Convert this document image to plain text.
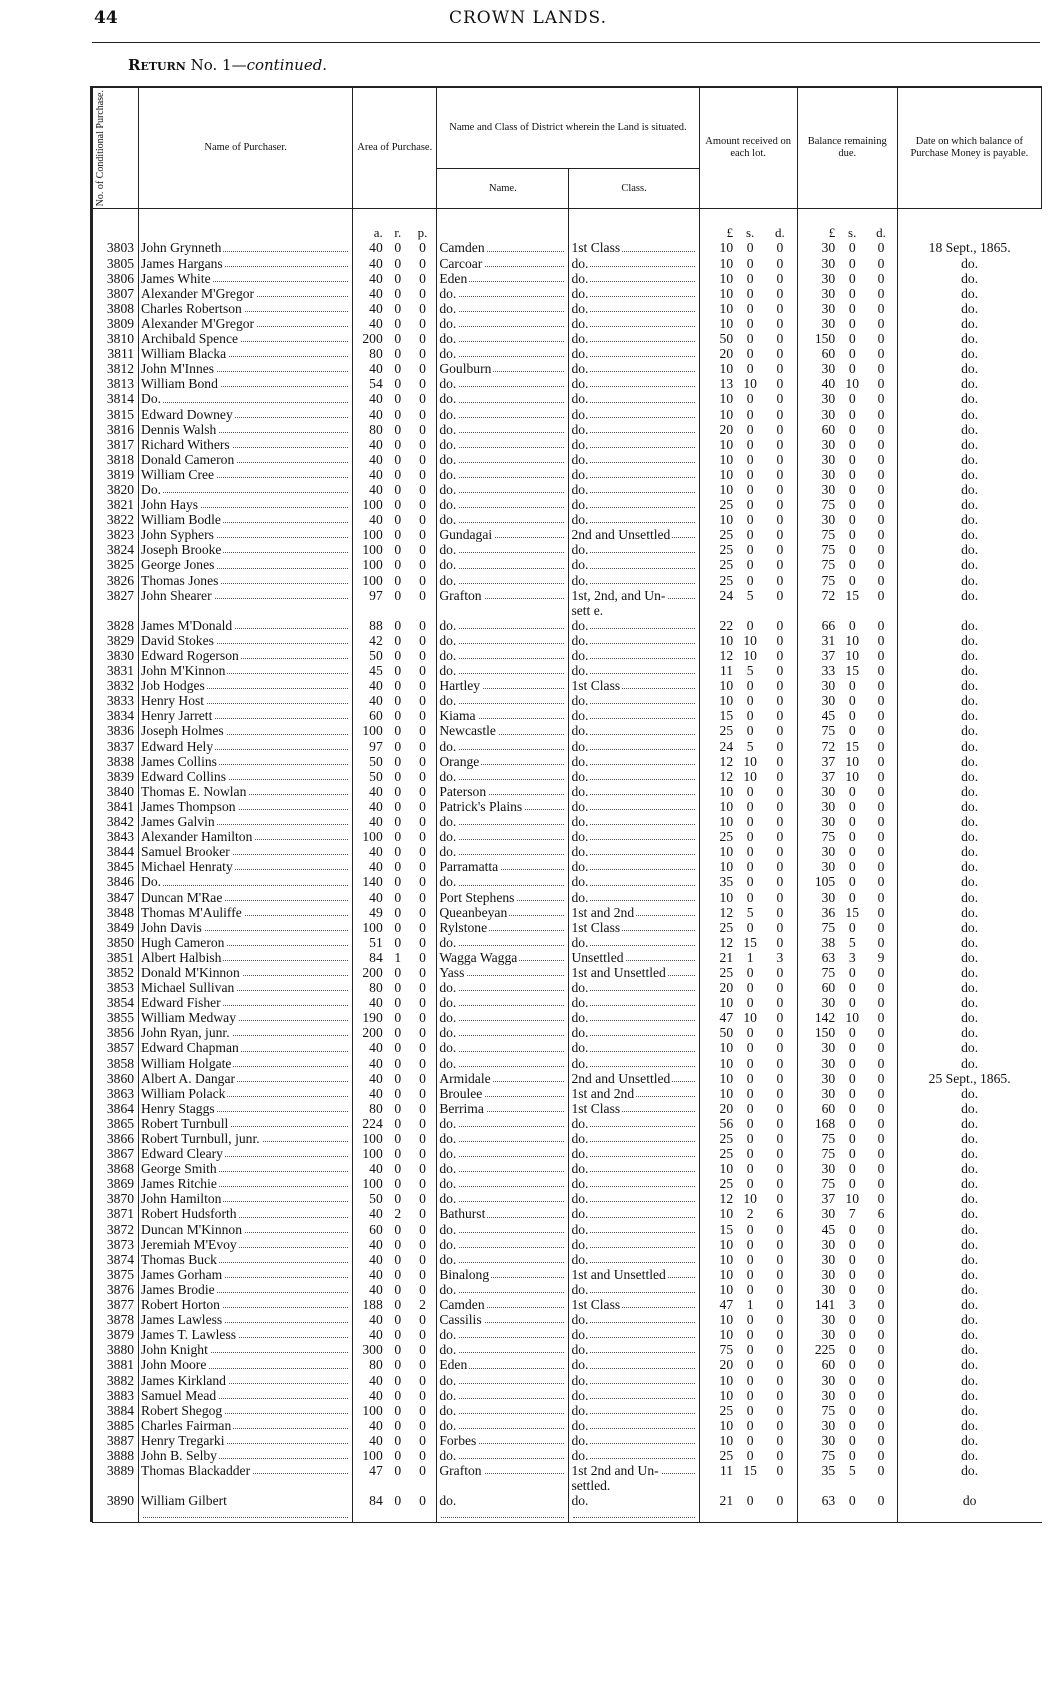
44	CROWN LANDS.
Return No. 1—continued.
No. of Conditional Purchase.	Name of Purchaser.	Area of Purchase.			Name and Class of District wherein the Land is situated.		Amount received on each lot.			Balance remaining due.			Date on which balance of Purchase Money is payable.
					Name.	Class.							
		a.	r.	p.			£	s.	d.	£	s.	d.	
3803	John Grynneth	40	0	0	Camden	1st Class	10	0	0	30	0	0	18 Sept., 1865.
3805	James Hargans	40	0	0	Carcoar	do.	10	0	0	30	0	0	do.
3806	James White	40	0	0	Eden	do.	10	0	0	30	0	0	do.
3807	Alexander M'Gregor	40	0	0	do.	do.	10	0	0	30	0	0	do.
3808	Charles Robertson	40	0	0	do.	do.	10	0	0	30	0	0	do.
3809	Alexander M'Gregor	40	0	0	do.	do.	10	0	0	30	0	0	do.
3810	Archibald Spence	200	0	0	do.	do.	50	0	0	150	0	0	do.
3811	William Blacka	80	0	0	do.	do.	20	0	0	60	0	0	do.
3812	John M'Innes	40	0	0	Goulburn	do.	10	0	0	30	0	0	do.
3813	William Bond	54	0	0	do.	do.	13	10	0	40	10	0	do.
3814	Do.	40	0	0	do.	do.	10	0	0	30	0	0	do.
3815	Edward Downey	40	0	0	do.	do.	10	0	0	30	0	0	do.
3816	Dennis Walsh	80	0	0	do.	do.	20	0	0	60	0	0	do.
3817	Richard Withers	40	0	0	do.	do.	10	0	0	30	0	0	do.
3818	Donald Cameron	40	0	0	do.	do.	10	0	0	30	0	0	do.
3819	William Cree	40	0	0	do.	do.	10	0	0	30	0	0	do.
3820	Do.	40	0	0	do.	do.	10	0	0	30	0	0	do.
3821	John Hays	100	0	0	do.	do.	25	0	0	75	0	0	do.
3822	William Bodle	40	0	0	do.	do.	10	0	0	30	0	0	do.
3823	John Syphers	100	0	0	Gundagai	2nd and Unsettled	25	0	0	75	0	0	do.
3824	Joseph Brooke	100	0	0	do.	do.	25	0	0	75	0	0	do.
3825	George Jones	100	0	0	do.	do.	25	0	0	75	0	0	do.
3826	Thomas Jones	100	0	0	do.	do.	25	0	0	75	0	0	do.
3827	John Shearer	97	0	0	Grafton	1st, 2nd, and Un-	24	5	0	72	15	0	do.
						sett e.							
3828	James M'Donald	88	0	0	do.	do.	22	0	0	66	0	0	do.
3829	David Stokes	42	0	0	do.	do.	10	10	0	31	10	0	do.
3830	Edward Rogerson	50	0	0	do.	do.	12	10	0	37	10	0	do.
3831	John M'Kinnon	45	0	0	do.	do.	11	5	0	33	15	0	do.
3832	Job Hodges	40	0	0	Hartley	1st Class	10	0	0	30	0	0	do.
3833	Henry Host	40	0	0	do.	do.	10	0	0	30	0	0	do.
3834	Henry Jarrett	60	0	0	Kiama	do.	15	0	0	45	0	0	do.
3836	Joseph Holmes	100	0	0	Newcastle	do.	25	0	0	75	0	0	do.
3837	Edward Hely	97	0	0	do.	do.	24	5	0	72	15	0	do.
3838	James Collins	50	0	0	Orange	do.	12	10	0	37	10	0	do.
3839	Edward Collins	50	0	0	do.	do.	12	10	0	37	10	0	do.
3840	Thomas E. Nowlan	40	0	0	Paterson	do.	10	0	0	30	0	0	do.
3841	James Thompson	40	0	0	Patrick's Plains	do.	10	0	0	30	0	0	do.
3842	James Galvin	40	0	0	do.	do.	10	0	0	30	0	0	do.
3843	Alexander Hamilton	100	0	0	do.	do.	25	0	0	75	0	0	do.
3844	Samuel Brooker	40	0	0	do.	do.	10	0	0	30	0	0	do.
3845	Michael Henraty	40	0	0	Parramatta	do.	10	0	0	30	0	0	do.
3846	Do.	140	0	0	do.	do.	35	0	0	105	0	0	do.
3847	Duncan M'Rae	40	0	0	Port Stephens	do.	10	0	0	30	0	0	do.
3848	Thomas M'Auliffe	49	0	0	Queanbeyan	1st and 2nd	12	5	0	36	15	0	do.
3849	John Davis	100	0	0	Rylstone	1st Class	25	0	0	75	0	0	do.
3850	Hugh Cameron	51	0	0	do.	do.	12	15	0	38	5	0	do.
3851	Albert Halbish	84	1	0	Wagga Wagga	Unsettled	21	1	3	63	3	9	do.
3852	Donald M'Kinnon	200	0	0	Yass	1st and Unsettled	25	0	0	75	0	0	do.
3853	Michael Sullivan	80	0	0	do.	do.	20	0	0	60	0	0	do.
3854	Edward Fisher	40	0	0	do.	do.	10	0	0	30	0	0	do.
3855	William Medway	190	0	0	do.	do.	47	10	0	142	10	0	do.
3856	John Ryan, junr.	200	0	0	do.	do.	50	0	0	150	0	0	do.
3857	Edward Chapman	40	0	0	do.	do.	10	0	0	30	0	0	do.
3858	William Holgate	40	0	0	do.	do.	10	0	0	30	0	0	do.
3860	Albert A. Dangar	40	0	0	Armidale	2nd and Unsettled	10	0	0	30	0	0	25 Sept., 1865.
3863	William Polack	40	0	0	Broulee	1st and 2nd	10	0	0	30	0	0	do.
3864	Henry Staggs	80	0	0	Berrima	1st Class	20	0	0	60	0	0	do.
3865	Robert Turnbull	224	0	0	do.	do.	56	0	0	168	0	0	do.
3866	Robert Turnbull, junr.	100	0	0	do.	do.	25	0	0	75	0	0	do.
3867	Edward Cleary	100	0	0	do.	do.	25	0	0	75	0	0	do.
3868	George Smith	40	0	0	do.	do.	10	0	0	30	0	0	do.
3869	James Ritchie	100	0	0	do.	do.	25	0	0	75	0	0	do.
3870	John Hamilton	50	0	0	do.	do.	12	10	0	37	10	0	do.
3871	Robert Hudsforth	40	2	0	Bathurst	do.	10	2	6	30	7	6	do.
3872	Duncan M'Kinnon	60	0	0	do.	do.	15	0	0	45	0	0	do.
3873	Jeremiah M'Evoy	40	0	0	do.	do.	10	0	0	30	0	0	do.
3874	Thomas Buck	40	0	0	do.	do.	10	0	0	30	0	0	do.
3875	James Gorham	40	0	0	Binalong	1st and Unsettled	10	0	0	30	0	0	do.
3876	James Brodie	40	0	0	do.	do.	10	0	0	30	0	0	do.
3877	Robert Horton	188	0	2	Camden	1st Class	47	1	0	141	3	0	do.
3878	James Lawless	40	0	0	Cassilis	do.	10	0	0	30	0	0	do.
3879	James T. Lawless	40	0	0	do.	do.	10	0	0	30	0	0	do.
3880	John Knight	300	0	0	do.	do.	75	0	0	225	0	0	do.
3881	John Moore	80	0	0	Eden	do.	20	0	0	60	0	0	do.
3882	James Kirkland	40	0	0	do.	do.	10	0	0	30	0	0	do.
3883	Samuel Mead	40	0	0	do.	do.	10	0	0	30	0	0	do.
3884	Robert Shegog	100	0	0	do.	do.	25	0	0	75	0	0	do.
3885	Charles Fairman	40	0	0	do.	do.	10	0	0	30	0	0	do.
3887	Henry Tregarki	40	0	0	Forbes	do.	10	0	0	30	0	0	do.
3888	John B. Selby	100	0	0	do.	do.	25	0	0	75	0	0	do.
3889	Thomas Blackadder	47	0	0	Grafton	1st 2nd and Un-	11	15	0	35	5	0	do.
						settled.							
3890	William Gilbert	84	0	0	do.	do.	21	0	0	63	0	0	do
